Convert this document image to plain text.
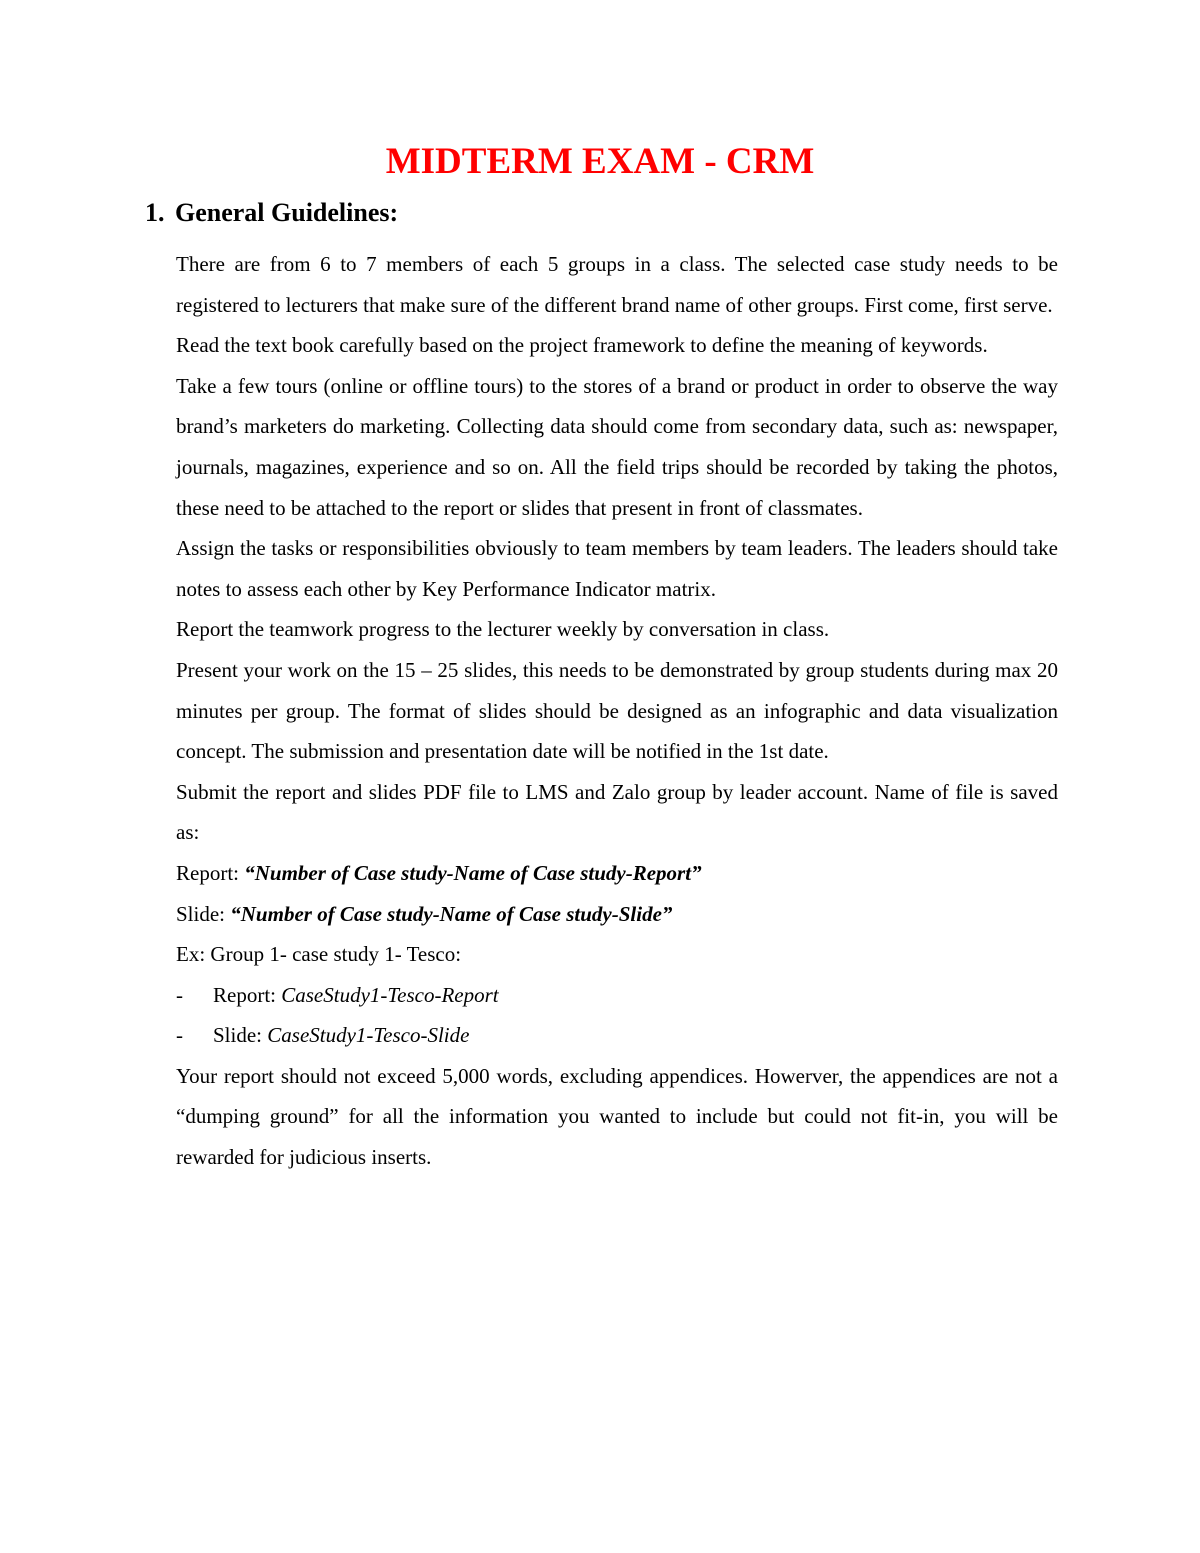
MIDTERM EXAM - CRM
1. General Guidelines:

There are from 6 to 7 members of each 5 groups in a class. The selected case study needs to be registered to lecturers that make sure of the different brand name of other groups. First come, first serve.

Read the text book carefully based on the project framework to define the meaning of keywords.

Take a few tours (online or offline tours) to the stores of a brand or product in order to observe the way brand’s marketers do marketing. Collecting data should come from secondary data, such as: newspaper, journals, magazines, experience and so on. All the field trips should be recorded by taking the photos, these need to be attached to the report or slides that present in front of classmates.

Assign the tasks or responsibilities obviously to team members by team leaders. The leaders should take notes to assess each other by Key Performance Indicator matrix.

Report the teamwork progress to the lecturer weekly by conversation in class.

Present your work on the 15 – 25 slides, this needs to be demonstrated by group students during max 20 minutes per group. The format of slides should be designed as an infographic and data visualization concept. The submission and presentation date will be notified in the 1st date.

Submit the report and slides PDF file to LMS and Zalo group by leader account. Name of file is saved as:

Report: “Number of Case study-Name of Case study-Report”

Slide: “Number of Case study-Name of Case study-Slide”

Ex: Group 1- case study 1- Tesco:

-	Report: CaseStudy1-Tesco-Report
-	Slide: CaseStudy1-Tesco-Slide

Your report should not exceed 5,000 words, excluding appendices. Howerver, the appendices are not a “dumping ground” for all the information you wanted to include but could not fit-in, you will be rewarded for judicious inserts.
